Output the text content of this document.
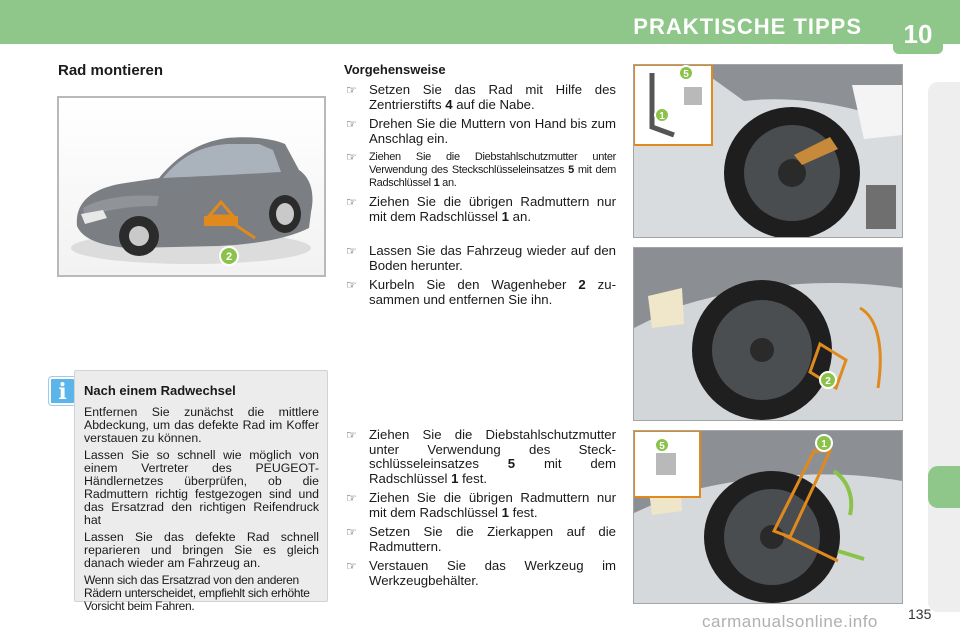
PRAKTISCHE TIPPS	10
Rad montieren
2
i	Nach einem Radwechsel

Entfernen Sie zunächst die mittlere Abdeckung, um das defekte Rad im Koffer verstauen zu können.

Lassen Sie so schnell wie möglich von einem Vertreter des PEUGEOT-Händlernetzes überprüfen, ob die Radmuttern richtig festgezogen sind und das Ersatzrad den richtigen Reifendruck hat

Lassen Sie das defekte Rad schnell reparieren und bringen Sie es gleich danach wieder am Fahrzeug an.

Wenn sich das Ersatzrad von den anderen Rädern unterscheidet, empfiehlt sich erhöhte Vorsicht beim Fahren.

Vorgehensweise
☞ Setzen Sie das Rad mit Hilfe des Zentrierstifts 4 auf die Nabe.
☞ Drehen Sie die Muttern von Hand bis zum Anschlag ein.
☞ Ziehen Sie die Diebstahlschutzmutter unter Verwendung des Steckschlüsseleinsatzes 5 mit dem Radschlüssel 1 an.
☞ Ziehen Sie die übrigen Radmuttern nur mit dem Radschlüssel 1 an.
☞ Lassen Sie das Fahrzeug wieder auf den Boden herunter.
☞ Kurbeln Sie den Wagenheber 2 zu-sammen und entfernen Sie ihn.
☞ Ziehen Sie die Diebstahlschutzmutter unter Verwendung des Steck-schlüsseleinsatzes 5 mit dem Radschlüssel 1 fest.
☞ Ziehen Sie die übrigen Radmuttern nur mit dem Radschlüssel 1 fest.
☞ Setzen Sie die Zierkappen auf die Radmuttern.
☞ Verstauen Sie das Werkzeug im Werkzeugbehälter.
5
1
2
5	1
135
carmanualsonline.info
